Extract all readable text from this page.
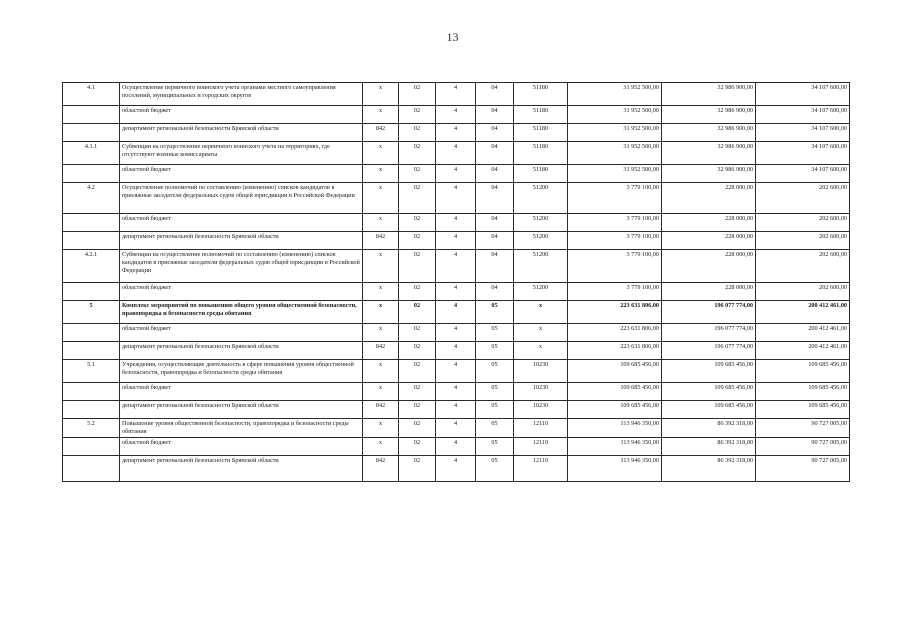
13
4.1	Осуществление первичного воинского учета органами местного самоуправления поселений, муниципальных и городских округов	x	02	4	04	51180	31 952 500,00	32 986 900,00	34 107 600,00
	областной бюджет	x	02	4	04	51180	31 952 500,00	32 986 900,00	34 107 600,00
	департамент региональной безопасности Брянской области	842	02	4	04	51180	31 952 500,00	32 986 900,00	34 107 600,00
4.1.1	Субвенции на осуществление первичного воинского учета на территориях, где отсутствуют военные комиссариаты	x	02	4	04	51180	31 952 500,00	32 986 900,00	34 107 600,00
	областной бюджет	x	02	4	04	51180	31 952 500,00	32 986 900,00	34 107 600,00
4.2	Осуществление полномочий по составлению (изменению) списков кандидатов в присяжные заседатели федеральных судов общей юрисдикции в Российской Федерации	x	02	4	04	51200	3 779 100,00	228 000,00	202 600,00
	областной бюджет	x	02	4	04	51200	3 779 100,00	228 000,00	202 600,00
	департамент региональной безопасности Брянской области	842	02	4	04	51200	3 779 100,00	228 000,00	202 600,00
4.2.1	Субвенции на осуществление полномочий по составлению (изменению) списков кандидатов в присяжные заседатели федеральных судов общей юрисдикции в Российской Федерации	x	02	4	04	51200	3 779 100,00	228 000,00	202 600,00
	областной бюджет	x	02	4	04	51200	3 779 100,00	228 000,00	202 600,00
5	Комплекс мероприятий по повышению общего уровня общественной безопасности, правопорядка и безопасности среды обитания	x	02	4	05	x	223 631 806,00	196 077 774,00	200 412 461,00
	областной бюджет	x	02	4	05	x	223 631 806,00	196 077 774,00	200 412 461,00
	департамент региональной безопасности Брянской области	842	02	4	05	x	223 631 806,00	196 077 774,00	200 412 461,00
5.1	Учреждения, осуществляющие деятельность в сфере повышения уровня общественной безопасности, правопорядка и безопасности среды обитания	x	02	4	05	10230	109 685 456,00	109 685 456,00	109 685 456,00
	областной бюджет	x	02	4	05	10230	109 685 456,00	109 685 456,00	109 685 456,00
	департамент региональной безопасности Брянской области	842	02	4	05	10230	109 685 456,00	109 685 456,00	109 685 456,00
5.2	Повышение уровня общественной безопасности, правопорядка и безопасности среды обитания	x	02	4	05	12110	113 946 350,00	86 392 318,00	90 727 005,00
	областной бюджет	x	02	4	05	12110	113 946 350,00	86 392 318,00	90 727 005,00
	департамент региональной безопасности Брянской области	842	02	4	05	12110	113 946 350,00	86 392 318,00	90 727 005,00
